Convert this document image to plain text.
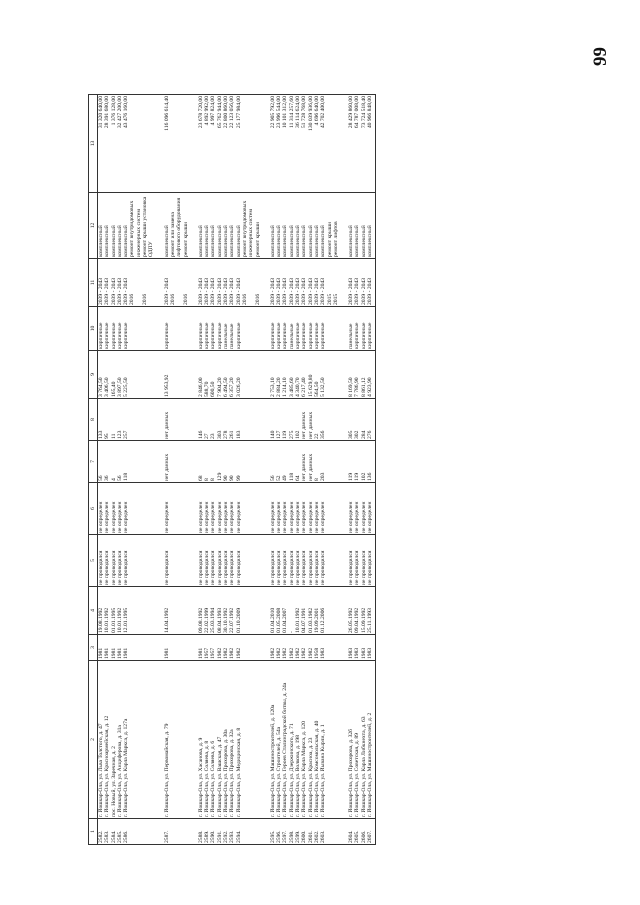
99
1	2	3	4	5	6	7	8	9	10	11	12	13
2582.	г. Йошкар-Ола, ул. Льва Толстого, д. 47	1981	19.08.1992	не проводился	не определен	56	133	3 764,50	кирпичные	2039 - 2043	комплексный	31 320 640,00
2583.	г. Йошкар-Ола, ул. Красноармейская, д. 12	1981	10.01.1992	не проводился	не определен	36	95	3 406,50	кирпичные	2039 - 2043	комплексный	28 391 680,00
2584.	пос. Новый, ул. Заречная, д. 2	1981	01.01.1995	не проводился	не определен	4	11	165,40	кирпичные	2039 - 2043	комплексный	1 376 128,00
2585.	г. Йошкар-Ола, ул. Анциферова, д. 31а	1981	10.01.1992	не проводился	не определен	56	123	3 897,50	кирпичные	2039 - 2043	комплексный	32 427 200,00
2586.	г. Йошкар-Ола, ул. Карла Маркса, д. 127а	1981	12.01.1995	не проводился	не определен	118	257	5 225,50	кирпичные	2039 - 2043	комплексный	43 476 160,00
										2016	ремонт внутридомовых инженерных систем	
										2016	ремонт крыши установка ОДПУ	

2587.	г. Йошкар-Ола, ул. Первомайская, д. 79	1981	14.04.1992	не проводился	не определен	нет данных	нет данных	13 953,92	кирпичные	2039 - 2043	комплексный	116 096 614,40
										2016	ремонт или замена лифтового оборудования	
										2016	ремонт крыши	

2588.	г. Йошкар-Ола, ул. Хасанова, д. 9	1981	09.08.1992	не проводился	не определен	68	146	2 846,00	кирпичные	2039 - 2043	комплексный	23 678 720,00
2589.	г. Йошкар-Ола, ул. Соляева, д. 8	1957	22.02.1999	не проводился	не определен	8	27	588,70	кирпичные	2039 - 2043	комплексный	4 892 992,00
2590.	г. Йошкар-Ола, ул. Соляева, д. 6	1957	25.03.1994	не проводился	не определен	8	23	600,50	кирпичные	2039 - 2043	комплексный	4 997 824,00
2591.	г. Йошкар-Ола, ул. Вашская, д. 47	1982	08.04.1993	не проводился	не определен	129	303	7 904,20	кирпичные	2039 - 2043	комплексный	65 762 944,00
2592.	г. Йошкар-Ола, ул. Прохорова, д. 30а	1982	30.10.1992	не проводился	не определен	90	278	6 494,50	панельные	2039 - 2043	комплексный	22 800 860,00
2593.	г. Йошкар-Ола, ул. Прохорова, д. 32а	1982	22.07.1992	не проводился	не определен	90	261	6 357,20	панельные	2039 - 2043	комплексный	22 123 056,00
2594.	г. Йошкар-Ола, ул. Медицинская, д. 8	1982	01.10.2009	не проводился	не определен	99	183	3 026,20	кирпичные	2039 - 2043	комплексный	25 177 984,00
										2016	ремонт внутридомовых инженерных систем	
										2016	ремонт крыши	

2595.	г. Йошкар-Ола, ул. Машиностроителей, д. 120а	1982	01.04.2010	не проводился	не определен	56	140	2 753,10	кирпичные	2039 - 2043	комплексный	22 905 792,00
2596.	г. Йошкар-Ола, ул. Строителей, д. 54а	1982	01.05.2008	не проводился	не определен	52	127	2 884,20	кирпичные	2039 - 2043	комплексный	23 996 544,00
2597.	г. Йошкар-Ола, ул. Героев Сталинградской битвы, д. 24а	1982	01.04.2007	не проводился	не определен	49	119	1 214,10	кирпичные	2039 - 2043	комплексный	10 101 312,00
2598.	г. Йошкар-Ола, ул. Дзержинского, д. 71	1982	-	не проводился	не определен	118	275	3 485,60	панельные	2039 - 2043	комплексный	11 314 257,60
2599.	г. Йошкар-Ола, ул. Волкова, д. 198	1982	10.01.1992	не проводился	не определен	64	102	4 340,70	кирпичные	2039 - 2043	комплексный	36 114 624,00
2600.	г. Йошкар-Ола, ул. Карла Маркса, д. 120	1982	04.07.1991	не проводился	не определен	нет данных	нет данных	6 217,40	кирпичные	2039 - 2043	комплексный	51 728 768,00
2601.	г. Йошкар-Ола, ул. Красноа, д. 23	1982	01.03.1982	не проводился	не определен	нет данных	нет данных	15 629,80	кирпичные	2039 - 2043	комплексный	130 039 936,00
2602.	г. Йошкар-Ола, ул. Комсомольская, д. 40	1958	19.09.2001	не проводился	не определен	8	22	564,50	кирпичные	2039 - 2043	комплексный	4 696 640,00
2603.	г. Йошкар-Ола, ул. Йывана Кырли, д. 1	1983	01.12.2006	не проводился	не определен	203	356	5 132,50	кирпичные	2039 - 2043	комплексный	42 702 400,00
										2015	ремонт крыши	
										2015	ремонт лифтов	

2604.	г. Йошкар-Ола, ул. Прохорова, д. 32б	1983	26.05.1992	не проводился	не определен	119	305	8 169,50	панельные	2039 - 2043	комплексный	28 429 860,00
2605.	г. Йошкар-Ола, ул. Советская, д. 89	1983	09.04.1992	не проводился	не определен	119	302	7 786,90	кирпичные	2039 - 2043	комплексный	64 787 008,00
2606.	г. Йошкар-Ола, ул. Карла Либкнехта, д. 63	1983	15.09.1992	не проводился	не определен	102	284	8 861,12	кирпичные	2039 - 2043	комплексный	73 724 518,40
2607.	г. Йошкар-Ола, ул. Машиностроителей, д. 2	1983	25.11.1993	не проводился	не определен	136	276	4 923,90	кирпичные	2039 - 2043	комплексный	40 966 848,00
